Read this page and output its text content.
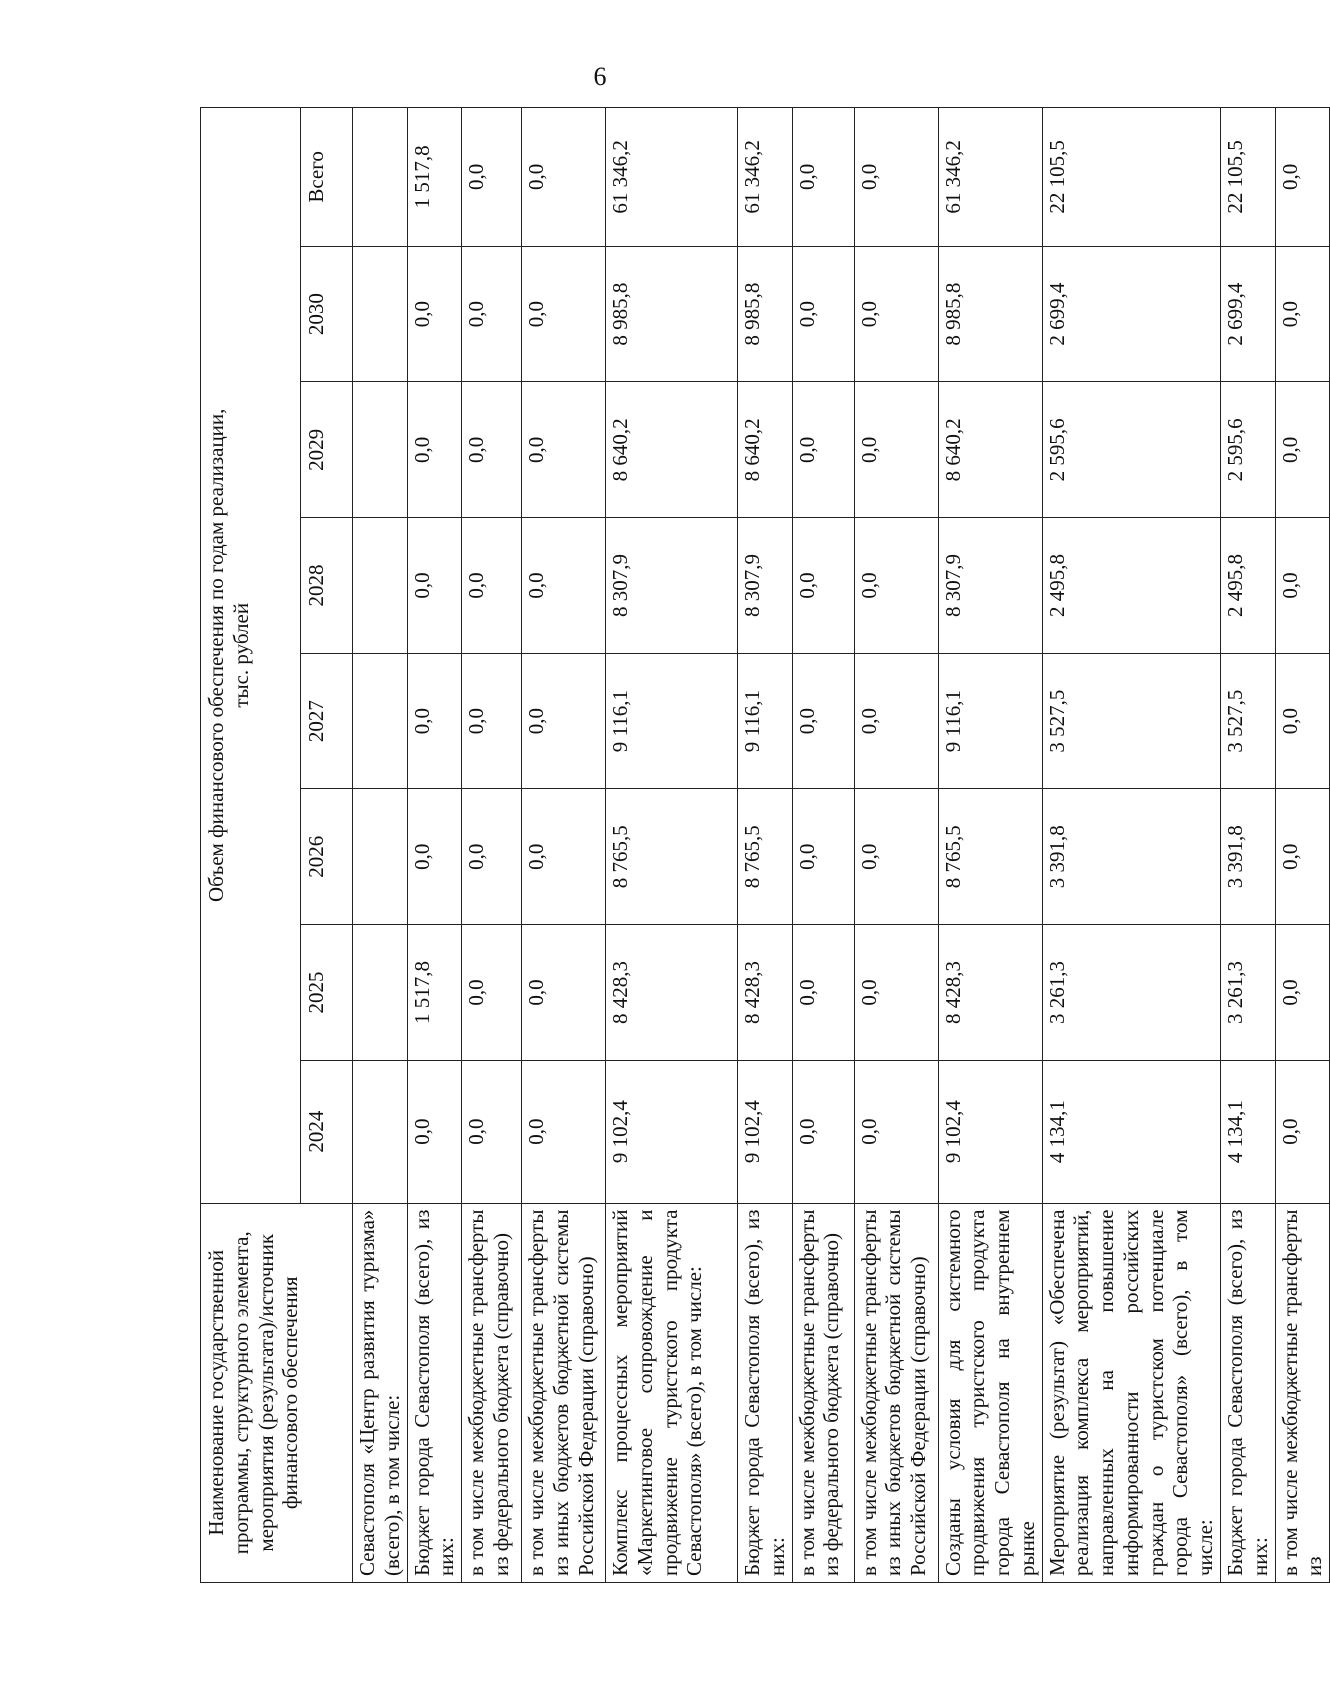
6
Наименование государственной программы, структурного элемента, мероприятия (результата)/источник финансового обеспечения	Объем финансового обеспечения по годам реализации, тыс. рублей							

	2024	2025	2026	2027	2028	2029	2030	Всего
Севастополя «Центр развития туризма» (всего), в том числе:								
Бюджет города Севастополя (всего), из них:	0,0	1 517,8	0,0	0,0	0,0	0,0	0,0	1 517,8
в том числе межбюджетные трансферты из федерального бюджета (справочно)	0,0	0,0	0,0	0,0	0,0	0,0	0,0	0,0
в том числе межбюджетные трансферты из иных бюджетов бюджетной системы Российской Федерации (справочно)	0,0	0,0	0,0	0,0	0,0	0,0	0,0	0,0
Комплекс процессных мероприятий «Маркетинговое сопровождение и продвижение туристского продукта Севастополя» (всего), в том числе:	9 102,4	8 428,3	8 765,5	9 116,1	8 307,9	8 640,2	8 985,8	61 346,2
Бюджет города Севастополя (всего), из них:	9 102,4	8 428,3	8 765,5	9 116,1	8 307,9	8 640,2	8 985,8	61 346,2
в том числе межбюджетные трансферты из федерального бюджета (справочно)	0,0	0,0	0,0	0,0	0,0	0,0	0,0	0,0
в том числе межбюджетные трансферты из иных бюджетов бюджетной системы Российской Федерации (справочно)	0,0	0,0	0,0	0,0	0,0	0,0	0,0	0,0
Созданы условия для системного продвижения туристского продукта города Севастополя на внутреннем рынке	9 102,4	8 428,3	8 765,5	9 116,1	8 307,9	8 640,2	8 985,8	61 346,2
Мероприятие (результат) «Обеспечена реализация комплекса мероприятий, направленных на повышение информированности российских граждан о туристском потенциале города Севастополя» (всего), в том числе:	4 134,1	3 261,3	3 391,8	3 527,5	2 495,8	2 595,6	2 699,4	22 105,5
Бюджет города Севастополя (всего), из них:	4 134,1	3 261,3	3 391,8	3 527,5	2 495,8	2 595,6	2 699,4	22 105,5
в том числе межбюджетные трансферты из	0,0	0,0	0,0	0,0	0,0	0,0	0,0	0,0
